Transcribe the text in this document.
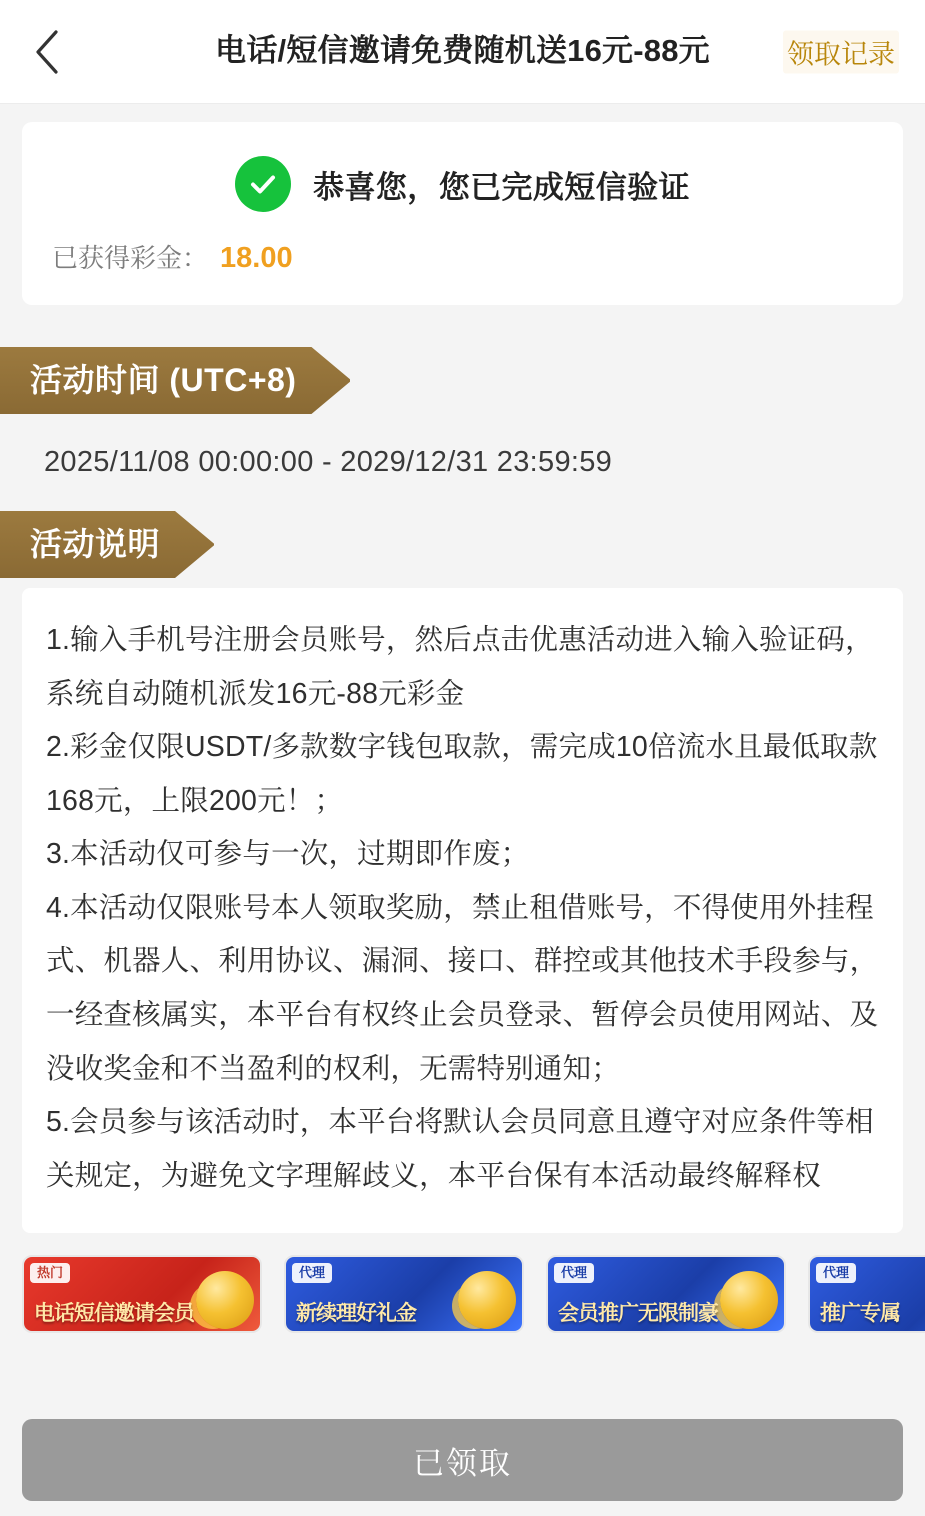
电话/短信邀请免费随机送16元-88元	领取记录
恭喜您，您已完成短信验证
已获得彩金： 18.00
活动时间 (UTC+8)
2025/11/08 00:00:00 - 2029/12/31 23:59:59
活动说明
1.输入手机号注册会员账号，然后点击优惠活动进入输入验证码，系统自动随机派发16元-88元彩金
2.彩金仅限USDT/多款数字钱包取款，需完成10倍流水且最低取款168元，上限200元！；
3.本活动仅可参与一次，过期即作废；
4.本活动仅限账号本人领取奖励，禁止租借账号，不得使用外挂程式、机器人、利用协议、漏洞、接口、群控或其他技术手段参与，一经查核属实，本平台有权终止会员登录、暂停会员使用网站、及没收奖金和不当盈利的权利，无需特别通知；
5.会员参与该活动时，本平台将默认会员同意且遵守对应条件等相关规定，为避免文字理解歧义，本平台保有本活动最终解释权
热门
电话短信邀请会员
代理
新续理好礼金
代理
会员推广无限制豪
代理
推广专属
已领取
